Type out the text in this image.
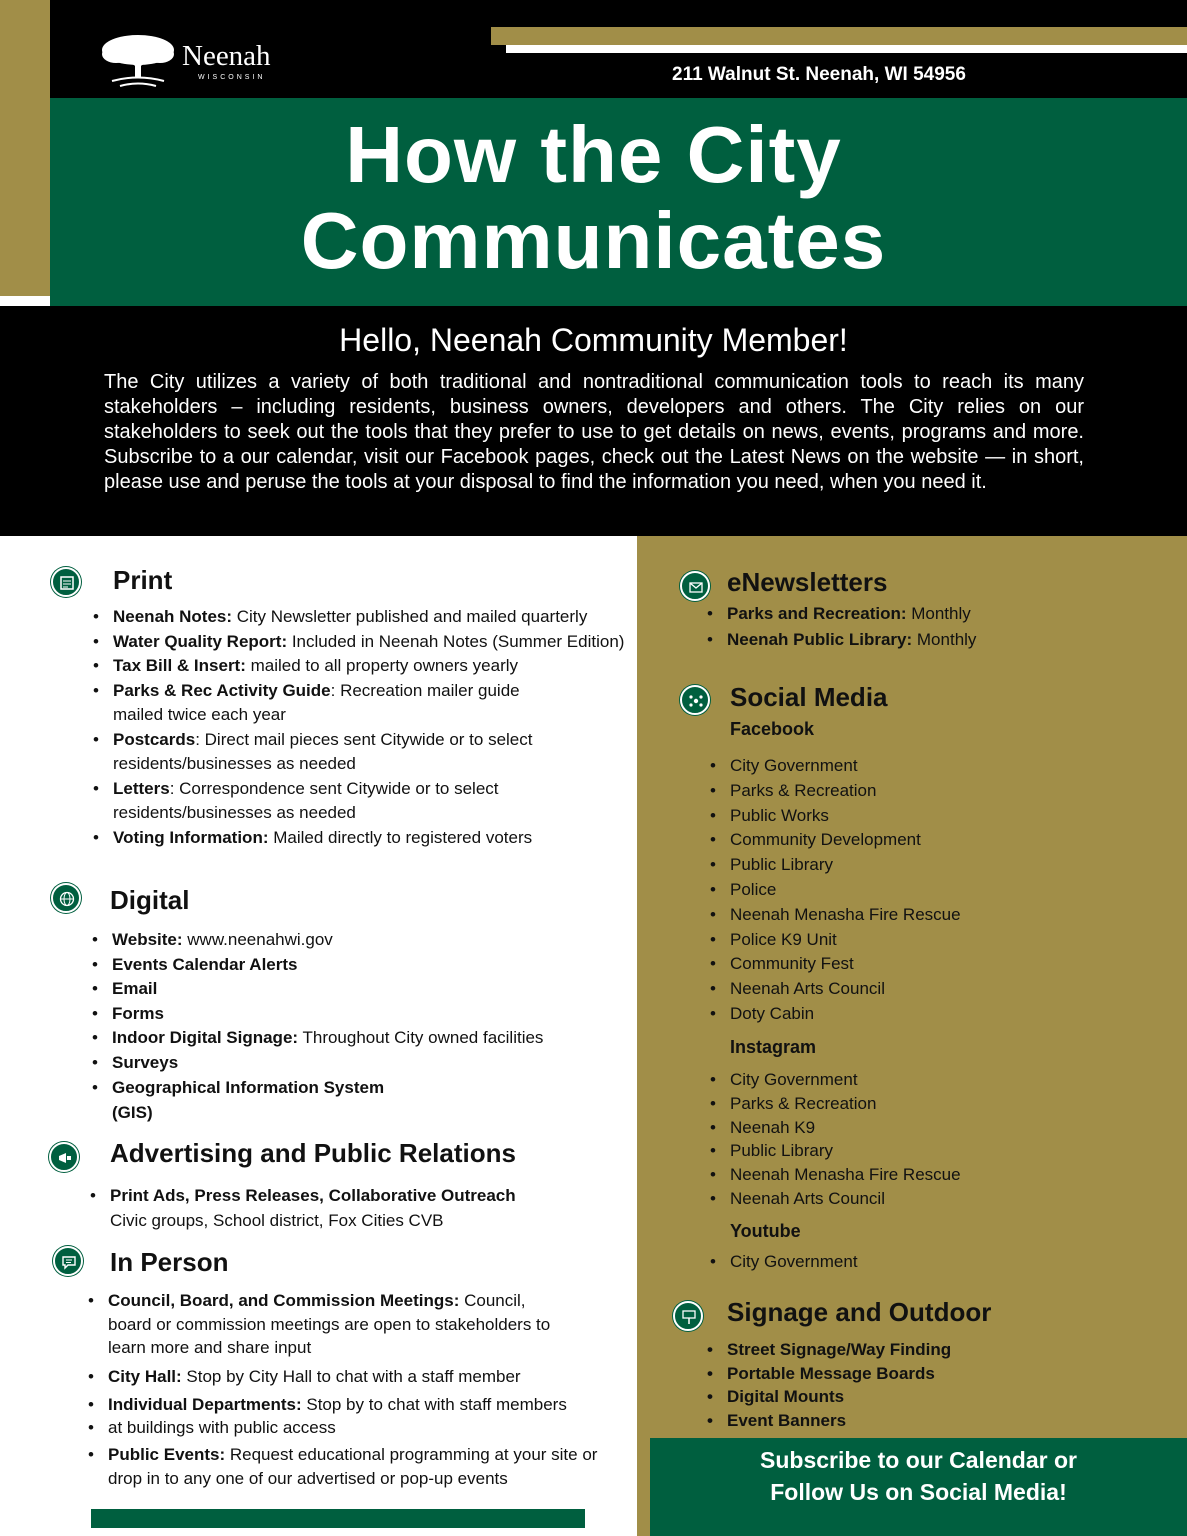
Neenah
WISCONSIN	211 Walnut St. Neenah, WI 54956
How the City
Communicates
Hello, Neenah Community Member!
The City utilizes a variety of both traditional and nontraditional communication tools to reach its many stakeholders – including residents, business owners, developers and others. The City relies on our stakeholders to seek out the tools that they prefer to use to get details on news, events, programs and more. Subscribe to a our calendar, visit our Facebook pages, check out the Latest News on the website — in short, please use and peruse the tools at your disposal to find the information you need, when you need it.
Print
• Neenah Notes: City Newsletter published and mailed quarterly
• Water Quality Report: Included in Neenah Notes (Summer Edition)
• Tax Bill & Insert: mailed to all property owners yearly
• Parks & Rec Activity Guide: Recreation mailer guide mailed twice each year
• Postcards: Direct mail pieces sent Citywide or to select residents/businesses as needed
• Letters: Correspondence sent Citywide or to select residents/businesses as needed
• Voting Information: Mailed directly to registered voters
Digital
• Website: www.neenahwi.gov
• Events Calendar Alerts
• Email
• Forms
• Indoor Digital Signage: Throughout City owned facilities
• Surveys
• Geographical Information System (GIS)
Advertising and Public Relations
• Print Ads, Press Releases, Collaborative Outreach
Civic groups, School district, Fox Cities CVB
In Person
• Council, Board, and Commission Meetings: Council, board or commission meetings are open to stakeholders to learn more and share input
• City Hall: Stop by City Hall to chat with a staff member
• Individual Departments: Stop by to chat with staff members
• at buildings with public access
• Public Events: Request educational programming at your site or drop in to any one of our advertised or pop-up events
eNewsletters
• Parks and Recreation: Monthly
• Neenah Public Library: Monthly
Social Media
Facebook
• City Government
• Parks & Recreation
• Public Works
• Community Development
• Public Library
• Police
• Neenah Menasha Fire Rescue
• Police K9 Unit
• Community Fest
• Neenah Arts Council
• Doty Cabin
Instagram
• City Government
• Parks & Recreation
• Neenah K9
• Public Library
• Neenah Menasha Fire Rescue
• Neenah Arts Council
Youtube
• City Government
Signage and Outdoor
• Street Signage/Way Finding
• Portable Message Boards
• Digital Mounts
• Event Banners
Subscribe to our Calendar or
Follow Us on Social Media!
